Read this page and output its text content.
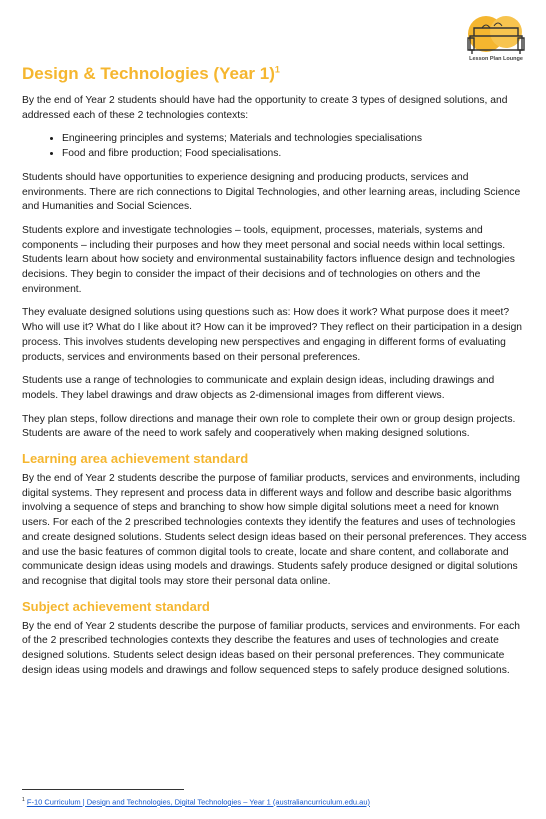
Lesson Plan Lounge
Design & Technologies (Year 1)$^1$

By the end of Year 2 students should have had the opportunity to create 3 types of designed solutions, and addressed each of these 2 technologies contexts:

• Engineering principles and systems; Materials and technologies specialisations
• Food and fibre production; Food specialisations.

Students should have opportunities to experience designing and producing products, services and environments. There are rich connections to Digital Technologies, and other learning areas, including Science and Humanities and Social Sciences.

Students explore and investigate technologies – tools, equipment, processes, materials, systems and components – including their purposes and how they meet personal and social needs within local settings. Students learn about how society and environmental sustainability factors influence design and technologies decisions. They begin to consider the impact of their decisions and of technologies on others and the environment.

They evaluate designed solutions using questions such as: How does it work? What purpose does it meet? Who will use it? What do I like about it? How can it be improved? They reflect on their participation in a design process. This involves students developing new perspectives and engaging in different forms of evaluating products, services and environments based on their personal preferences.

Students use a range of technologies to communicate and explain design ideas, including drawings and models. They label drawings and draw objects as 2-dimensional images from different views.

They plan steps, follow directions and manage their own role to complete their own or group design projects. Students are aware of the need to work safely and cooperatively when making designed solutions.

Learning area achievement standard

By the end of Year 2 students describe the purpose of familiar products, services and environments, including digital systems. They represent and process data in different ways and follow and describe basic algorithms involving a sequence of steps and branching to show how simple digital solutions meet a need for known users. For each of the 2 prescribed technologies contexts they identify the features and uses of technologies and create designed solutions. Students select design ideas based on their personal preferences. They access and use the basic features of common digital tools to create, locate and share content, and collaborate and communicate design ideas using models and drawings. Students safely produce designed or digital solutions and recognise that digital tools may store their personal data online.

Subject achievement standard

By the end of Year 2 students describe the purpose of familiar products, services and environments. For each of the 2 prescribed technologies contexts they describe the features and uses of technologies and create designed solutions. Students select design ideas based on their personal preferences. They communicate design ideas using models and drawings and follow sequenced steps to safely produce designed solutions.

$^1$ F-10 Curriculum | Design and Technologies, Digital Technologies – Year 1 (australiancurriculum.edu.au)
